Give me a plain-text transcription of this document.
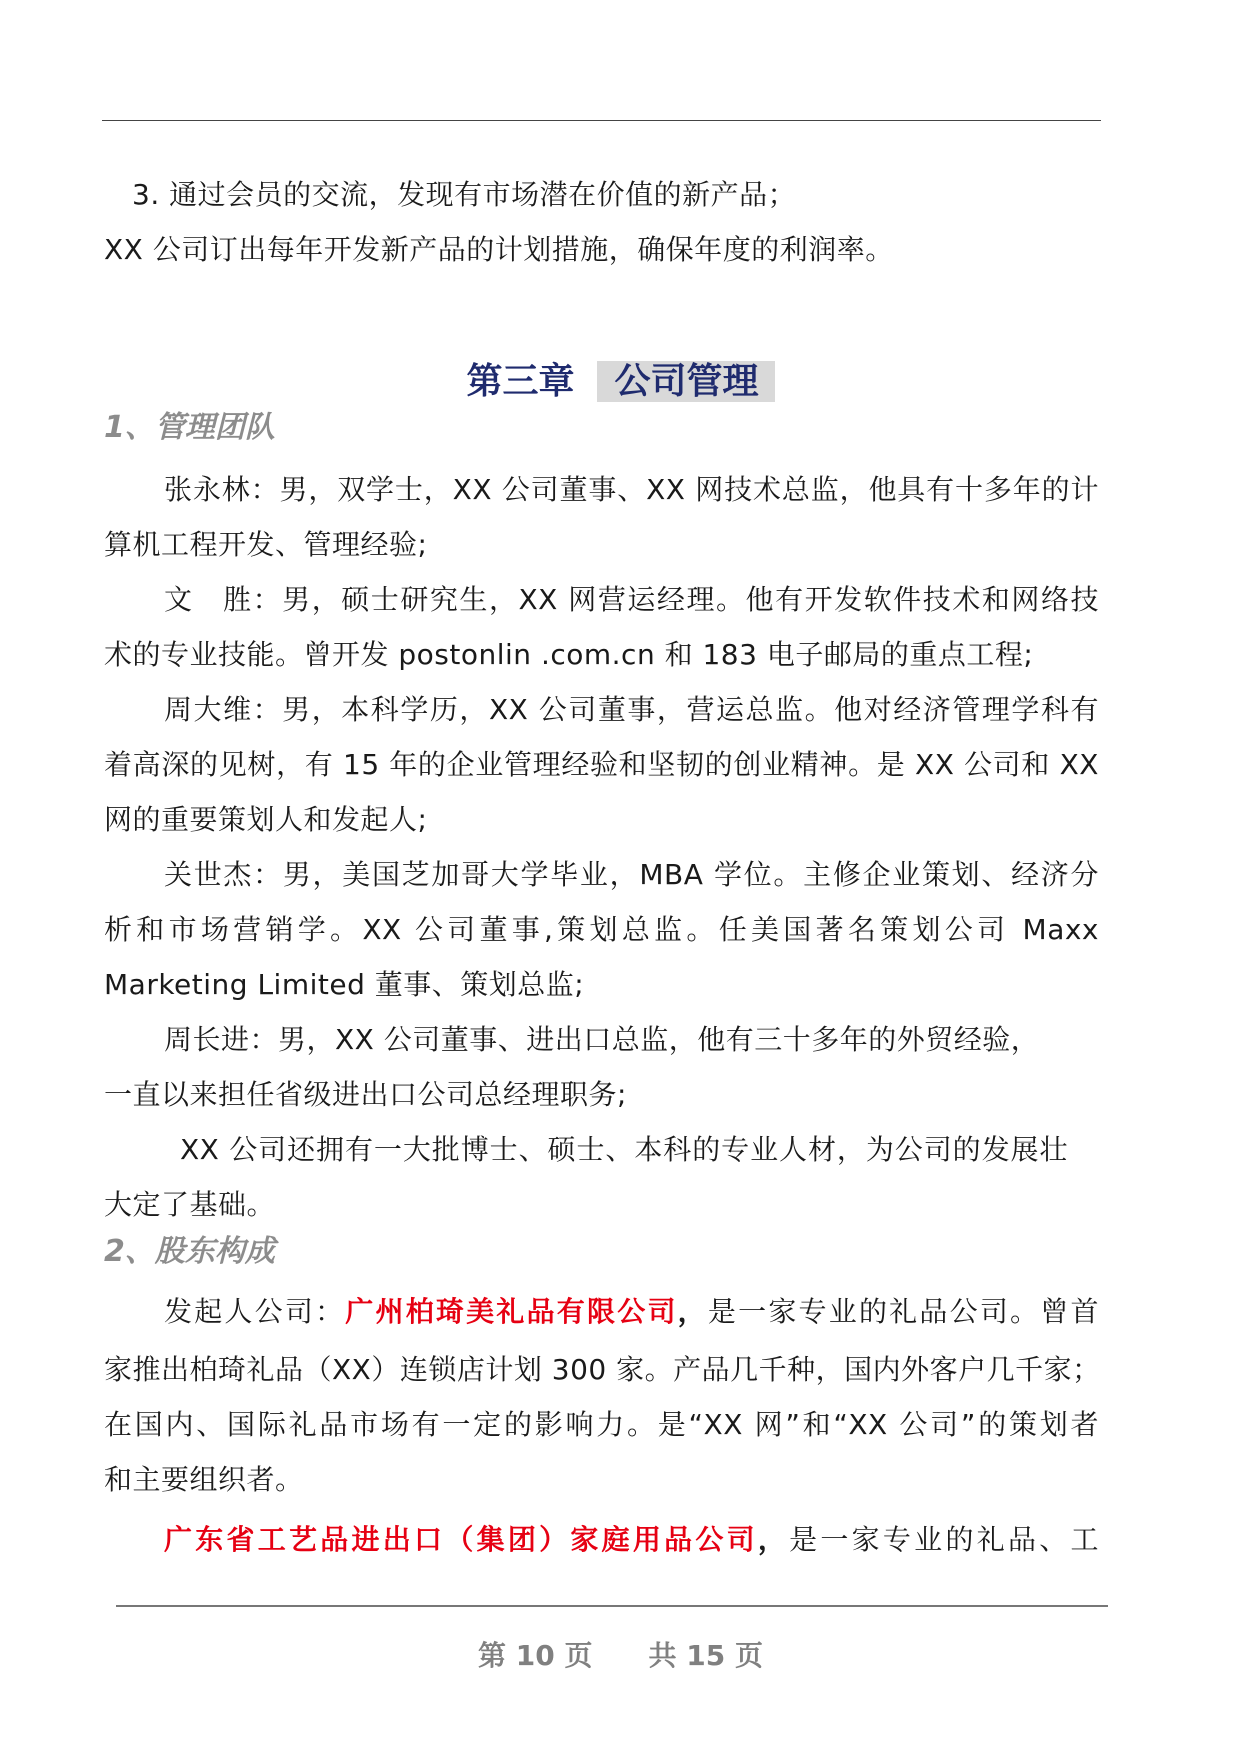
3. 通过会员的交流，发现有市场潜在价值的新产品；
XX 公司订出每年开发新产品的计划措施，确保年度的利润率。
第三章 公司管理
1、管理团队
张永林：男，双学士，XX 公司董事、XX 网技术总监，他具有十多年的计
算机工程开发、管理经验;
文　胜：男，硕士研究生，XX 网营运经理。他有开发软件技术和网络技
术的专业技能。曾开发 postonlin .com.cn 和 183 电子邮局的重点工程;
周大维：男，本科学历，XX 公司董事，营运总监。他对经济管理学科有
着高深的见树，有 15 年的企业管理经验和坚韧的创业精神。是 XX 公司和 XX
网的重要策划人和发起人;
关世杰：男，美国芝加哥大学毕业，MBA 学位。主修企业策划、经济分
析和市场营销学。XX 公司董事,策划总监。任美国著名策划公司 Maxx
Marketing Limited 董事、策划总监;
周长进：男，XX 公司董事、进出口总监，他有三十多年的外贸经验，
一直以来担任省级进出口公司总经理职务;
XX 公司还拥有一大批博士、硕士、本科的专业人材，为公司的发展壮
大定了基础。
2、股东构成
发起人公司：广州柏琦美礼品有限公司，是一家专业的礼品公司。曾首
家推出柏琦礼品（XX）连锁店计划 300 家。产品几千种，国内外客户几千家；
在国内、国际礼品市场有一定的影响力。是“XX 网”和“XX 公司”的策划者
和主要组织者。
广东省工艺品进出口（集团）家庭用品公司，是一家专业的礼品、工
第 10 页 共 15 页
